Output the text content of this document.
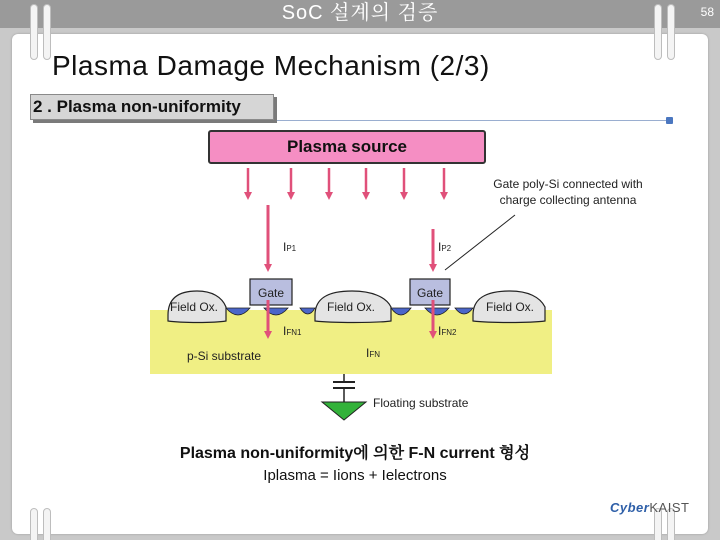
SoC 설계의 검증	58
Plasma Damage Mechanism (2/3)
2 . Plasma non-uniformity
Plasma source
Gate poly-Si connected with charge collecting antenna
IP1	IP2
Gate	Gate
Field Ox.	Field Ox.	Field Ox.
IFN1	IFN2
IFN
p-Si substrate
Floating substrate
Plasma non-uniformity에 의한 F-N current 형성
Iplasma = Iions + Ielectrons
CyberKAIST
